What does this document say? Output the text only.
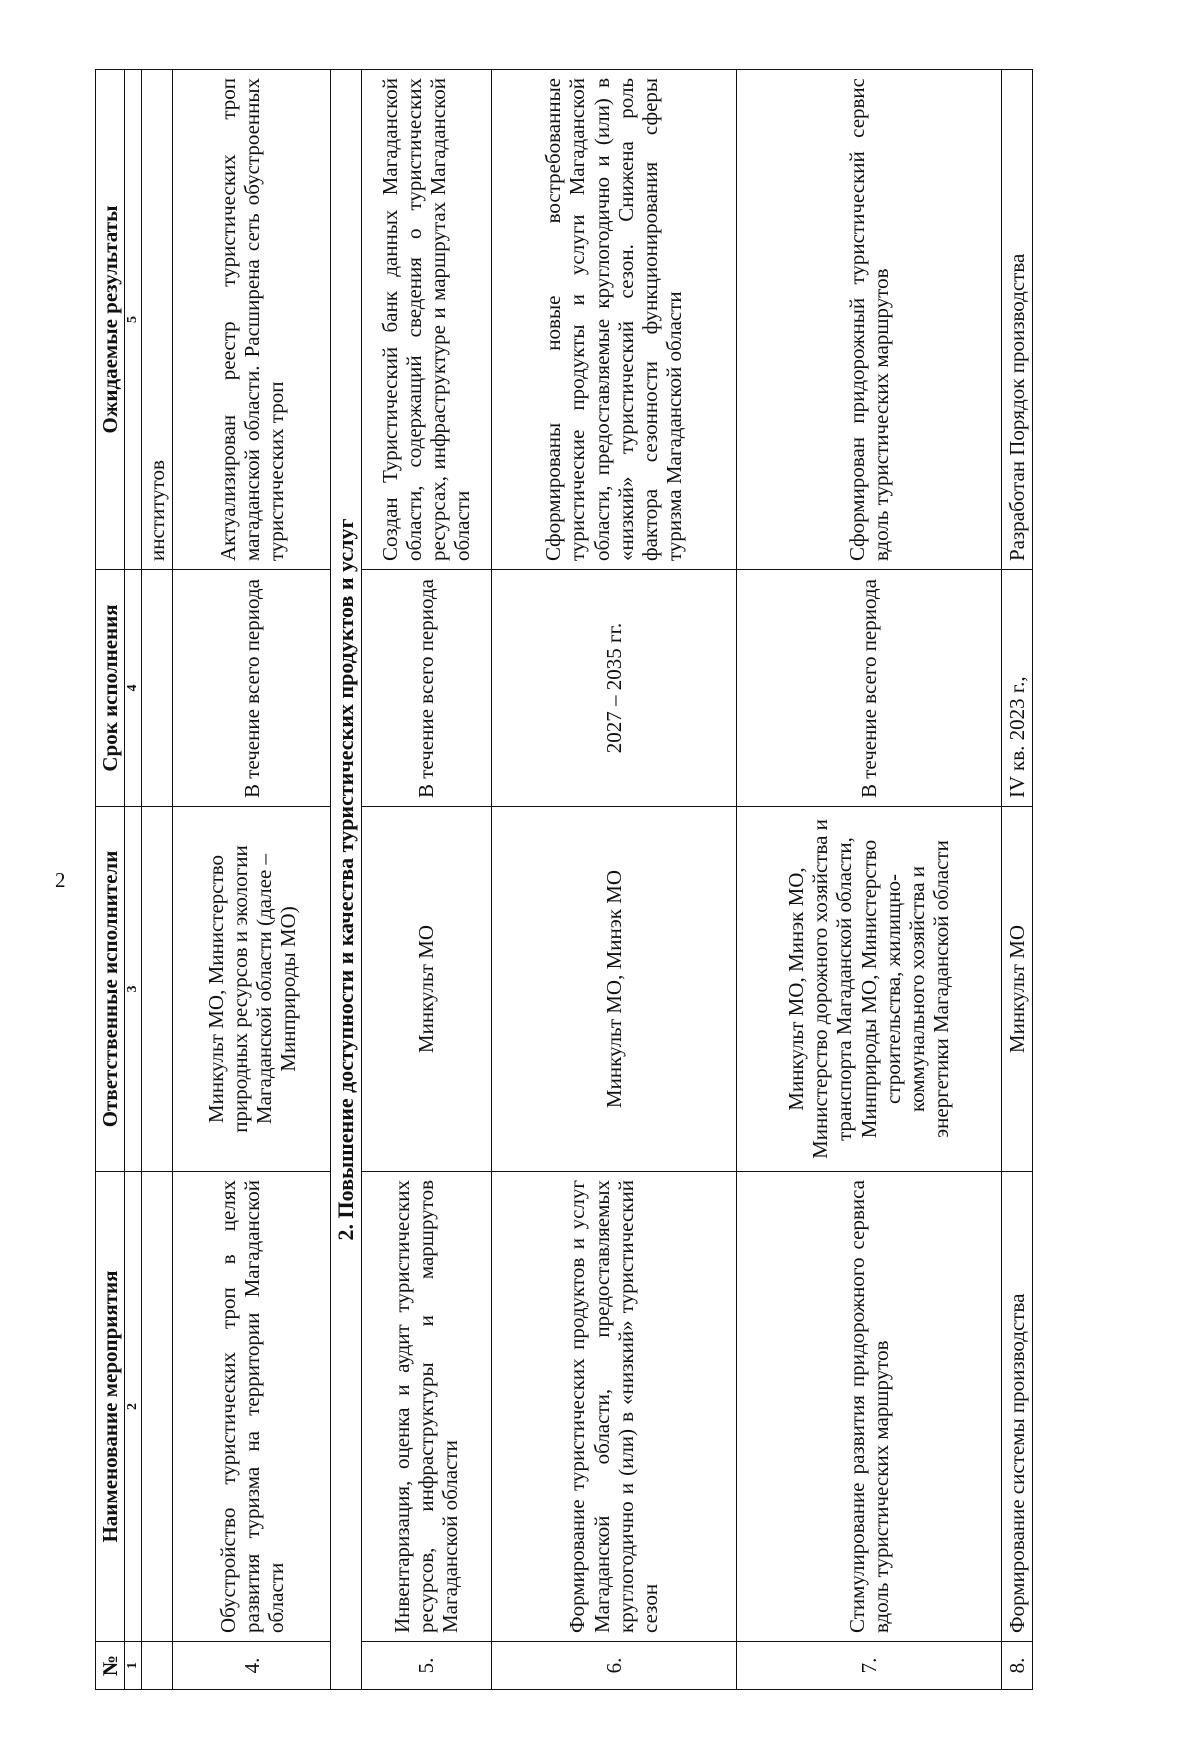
2
№	Наименование мероприятия	Ответственные исполнители	Срок исполнения	Ожидаемые результаты
1	2	3	4	5
				институтов
4.	Обустройство туристических троп в целях развития туризма на территории Магаданской области	Минкульт МО, Министерство природных ресурсов и экологии Магаданской области (далее – Минприроды МО)	В течение всего периода	Актуализирован реестр туристических троп магаданской области. Расширена сеть обустроенных туристических троп
2. Повышение доступности и качества туристических продуктов и услуг				
5.	Инвентаризация, оценка и аудит туристических ресурсов, инфраструктуры и маршрутов Магаданской области	Минкульт МО	В течение всего периода	Создан Туристический банк данных Магаданской области, содержащий сведения о туристических ресурсах, инфраструктуре и маршрутах Магаданской области
6.	Формирование туристических продуктов и услуг Магаданской области, предоставляемых круглогодично и (или) в «низкий» туристический сезон	Минкульт МО, Минэк МО	2027 – 2035 гг.	Сформированы новые востребованные туристические продукты и услуги Магаданской области, предоставляемые круглогодично и (или) в «низкий» туристический сезон. Снижена роль фактора сезонности функционирования сферы туризма Магаданской области
7.	Стимулирование развития придорожного сервиса вдоль туристических маршрутов	Минкульт МО, Минэк МО, Министерство дорожного хозяйства и транспорта Магаданской области, Минприроды МО, Министерство строительства, жилищно-коммунального хозяйства и энергетики Магаданской области	В течение всего периода	Сформирован придорожный туристический сервис вдоль туристических маршрутов
8.	Формирование системы производства	Минкульт МО	IV кв. 2023 г.,	Разработан Порядок производства
